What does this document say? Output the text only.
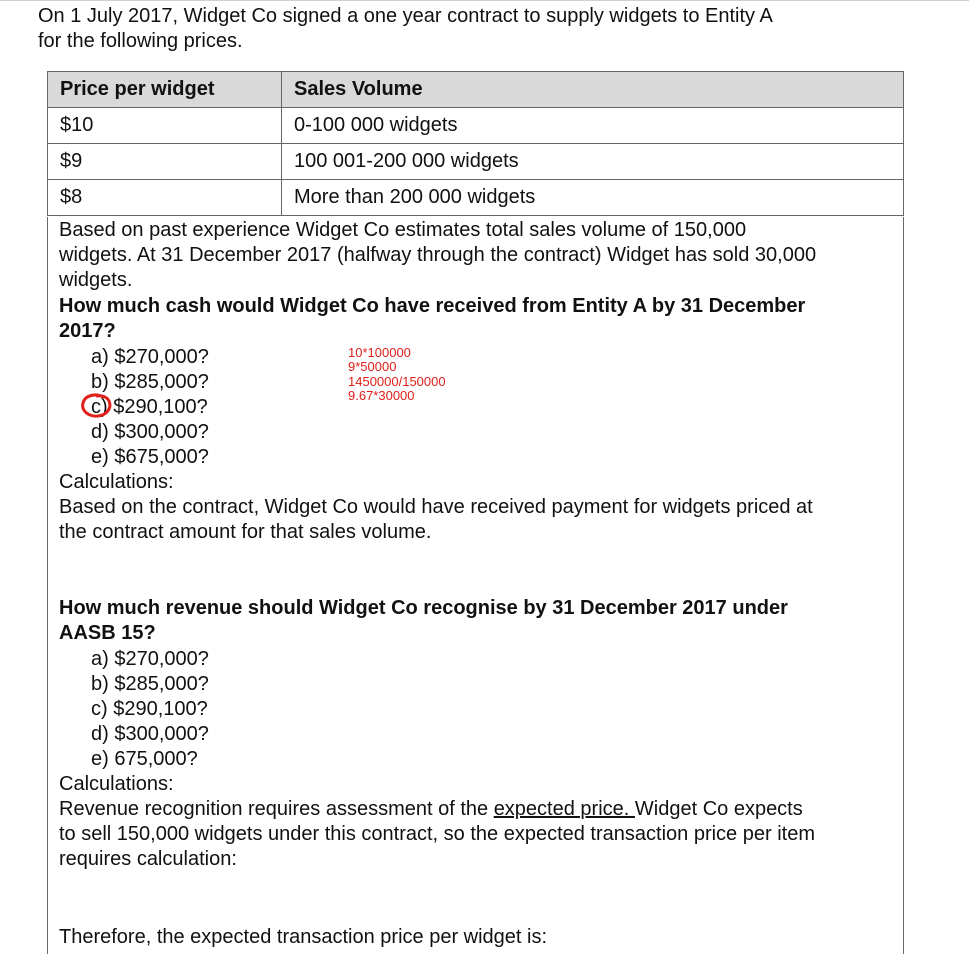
On 1 July 2017, Widget Co signed a one year contract to supply widgets to Entity A
for the following prices.
Price per widget	Sales Volume
$10	0-100 000 widgets
$9	100 001-200 000 widgets
$8	More than 200 000 widgets
Based on past experience Widget Co estimates total sales volume of 150,000
widgets. At 31 December 2017 (halfway through the contract) Widget has sold 30,000
widgets.
How much cash would Widget Co have received from Entity A by 31 December
2017?
a) $270,000?
b) $285,000?
c) $290,100?
d) $300,000?
e) $675,000?
10*100000
9*50000
1450000/150000
9.67*30000
Calculations:
Based on the contract, Widget Co would have received payment for widgets priced at
the contract amount for that sales volume.
How much revenue should Widget Co recognise by 31 December 2017 under
AASB 15?
a) $270,000?
b) $285,000?
c) $290,100?
d) $300,000?
e) 675,000?
Calculations:
Revenue recognition requires assessment of the expected price. Widget Co expects
to sell 150,000 widgets under this contract, so the expected transaction price per item
requires calculation:
Therefore, the expected transaction price per widget is:
